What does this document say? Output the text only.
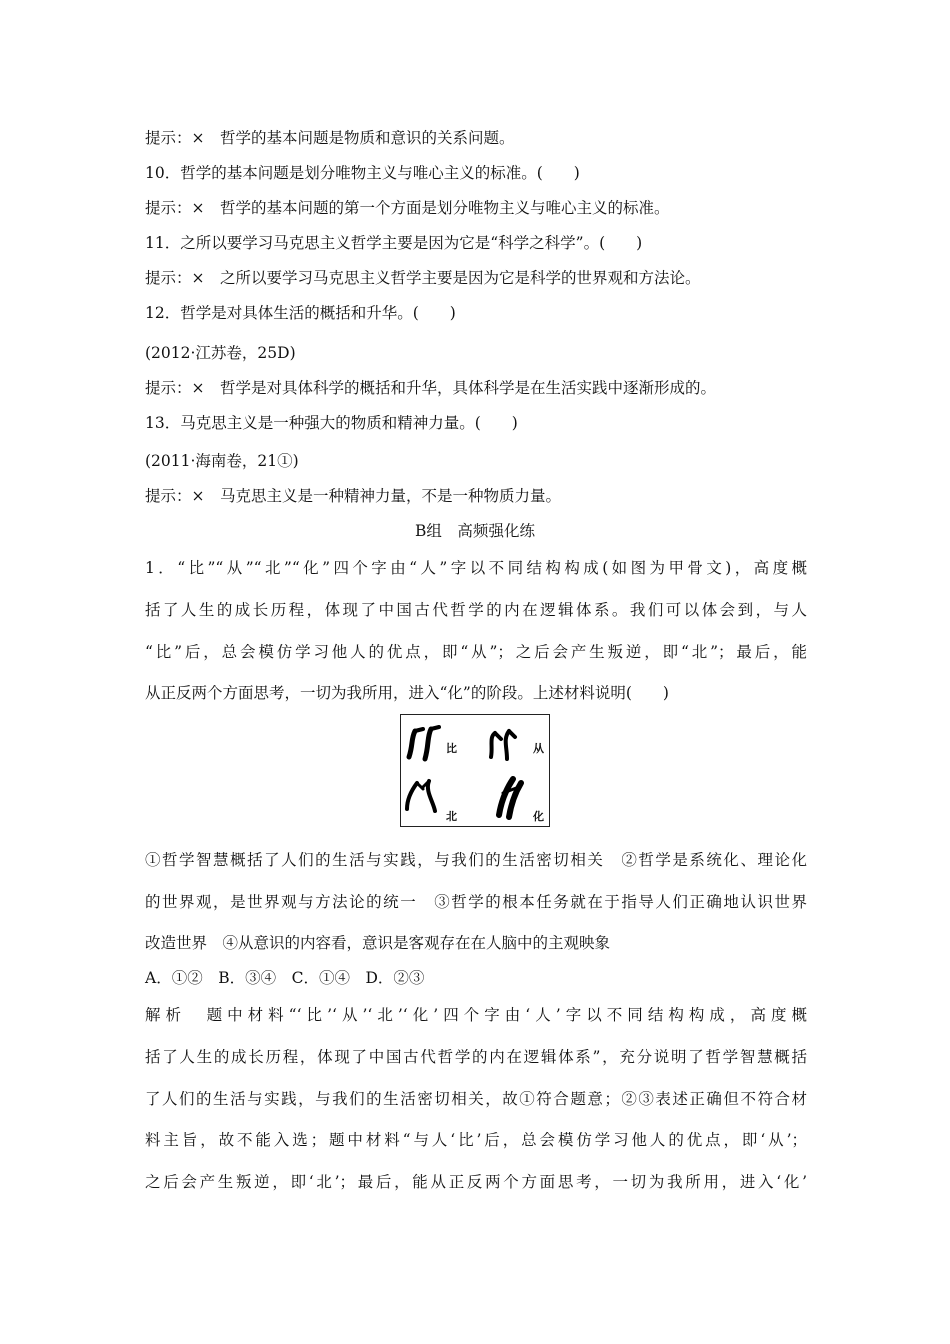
提示：×　哲学的基本问题是物质和意识的关系问题。
10．哲学的基本问题是划分唯物主义与唯心主义的标准。(　　)
提示：×　哲学的基本问题的第一个方面是划分唯物主义与唯心主义的标准。
11．之所以要学习马克思主义哲学主要是因为它是“科学之科学”。(　　)
提示：×　之所以要学习马克思主义哲学主要是因为它是科学的世界观和方法论。
12．哲学是对具体生活的概括和升华。(　　)
(2012·江苏卷，25D)
提示：×　哲学是对具体科学的概括和升华，具体科学是在生活实践中逐渐形成的。
13．马克思主义是一种强大的物质和精神力量。(　　)
(2011·海南卷，21①)
提示：×　马克思主义是一种精神力量，不是一种物质力量。
B组　高频强化练
1．“比”“从”“北”“化”四个字由“人”字以不同结构构成(如图为甲骨文)，高度概
括了人生的成长历程，体现了中国古代哲学的内在逻辑体系。我们可以体会到，与人
“比”后，总会模仿学习他人的优点，即“从”；之后会产生叛逆，即“北”；最后，能
从正反两个方面思考，一切为我所用，进入“化”的阶段。上述材料说明(　　)
比	从
北	化
①哲学智慧概括了人们的生活与实践，与我们的生活密切相关　②哲学是系统化、理论化
的世界观，是世界观与方法论的统一　③哲学的根本任务就在于指导人们正确地认识世界
改造世界　④从意识的内容看，意识是客观存在在人脑中的主观映象
A．①②　B．③④　C．①④　D．②③
解析　题中材料“‘比’‘从’‘北’‘化’四个字由‘人’字以不同结构构成，高度概
括了人生的成长历程，体现了中国古代哲学的内在逻辑体系”，充分说明了哲学智慧概括
了人们的生活与实践，与我们的生活密切相关，故①符合题意；②③表述正确但不符合材
料主旨，故不能入选；题中材料“与人‘比’后，总会模仿学习他人的优点，即‘从’；
之后会产生叛逆，即‘北’；最后，能从正反两个方面思考，一切为我所用，进入‘化’
